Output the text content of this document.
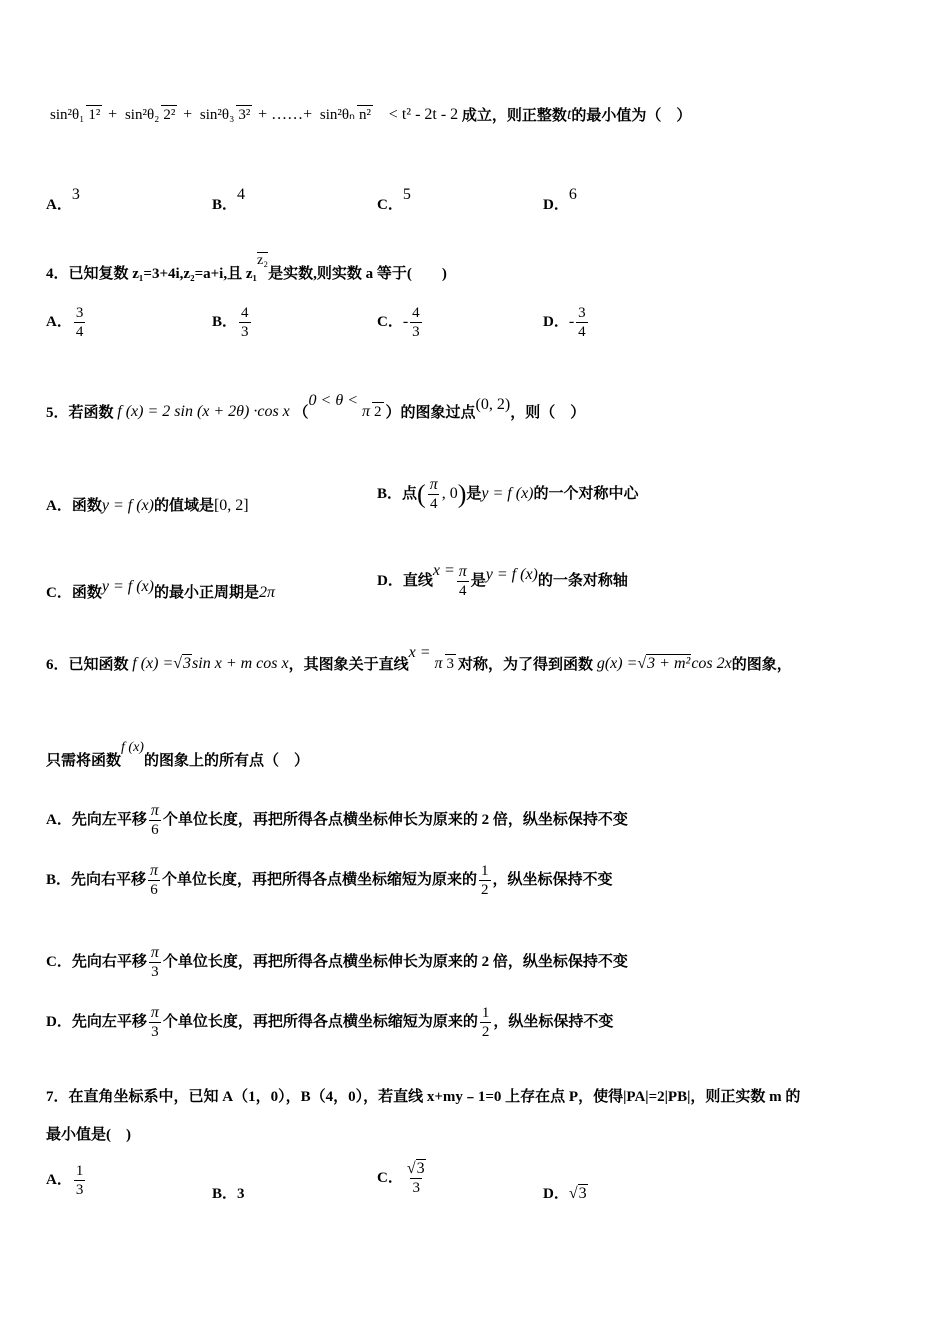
sin²θ₁ 1² + sin²θ₂ 2² + sin²θ₃ 3² + ……+ sin²θₙ n² < t² - 2t - 2 成立，则正整数t的最小值为（　）
A．3
B．4
C．5
D．6
4．已知复数 z₁=3+4i,z₂=a+i,且 z₁z₂是实数,则实数 a 等于(　　)
A． $\frac{3}{4}$	B． $\frac{4}{3}$	C．- $\frac{4}{3}$	D．- $\frac{3}{4}$
5．若函数 f (x) = 2 sin (x + 2θ) ·cos x （0 < θ <π 2 ）的图象过点(0, 2)，则（　）
A．函数y = f (x)的值域是[0, 2]
B．点( $\frac{\pi}{4}$ , 0)是y = f (x)的一个对称中心
C．函数y = f (x)的最小正周期是2π
D．直线$x = \frac{\pi}{4}$ 是y = f (x)的一条对称轴
6．已知函数 f (x) =√3sin x + m cos x，其图象关于直线x =π 3 对称，为了得到函数 g(x) =√3 + m²cos 2x的图象，
只需将函数f (x)的图象上的所有点（　）
A．先向左平移 $\frac{\pi}{6}$ 个单位长度，再把所得各点横坐标伸长为原来的 2 倍，纵坐标保持不变
B．先向右平移 $\frac{\pi}{6}$ 个单位长度，再把所得各点横坐标缩短为原来的 $\frac{1}{2}$ ，纵坐标保持不变
C．先向右平移 $\frac{\pi}{3}$ 个单位长度，再把所得各点横坐标伸长为原来的 2 倍，纵坐标保持不变
D．先向左平移 $\frac{\pi}{3}$ 个单位长度，再把所得各点横坐标缩短为原来的 $\frac{1}{2}$ ，纵坐标保持不变
7．在直角坐标系中，已知 A（1，0），B（4，0），若直线 x+my﹣1=0 上存在点 P，使得|PA|=2|PB|，则正实数 m 的
最小值是(　)
A． $\frac{1}{3}$	B．3
C． $\frac{√3}{3}$	D．√3
